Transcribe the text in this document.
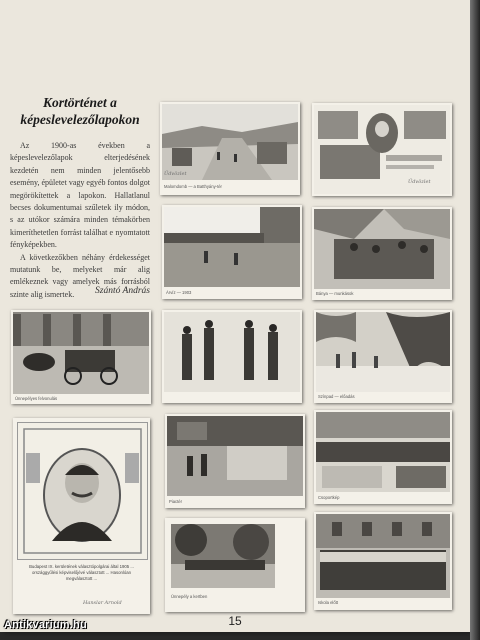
Kortörténet a
képeslevelezőlapokon

Az 1900-as években a képeslevelezőlapok elterjedésének kezdetén nem minden jelentősebb esemény, épületet vagy egyéb fontos dolgot megörökítettek a lapokon. Hallatlanul becses dokumentumai szűletek ily módon, s az utókor számára minden témakörben kimeríthetetlen forrást találhat e nyomtatott fényképekben.

A következőkben néhány érdekességet mutatunk be, melyeket már alig emlékeznek vagy amelyek más forrásból szinte alig ismertek.	Szántó András
Malomdomb — a Batthyány-tér
Üdvözlet
Üdvözlet
Árvíz — 1903	Bánya — munkások
Ünnepélyes felvonulás	Színpad — előadás
Budapest IX. kerületének választópolgárai által 1905 ... országgyűlési képviselőjévé választott ... Hasonlóan megválasztott ...
Hanslar Arnold
Piactér
Csoportkép
Ünnepély a kertben
Iskola előtt
15
Antikvarium.hu
